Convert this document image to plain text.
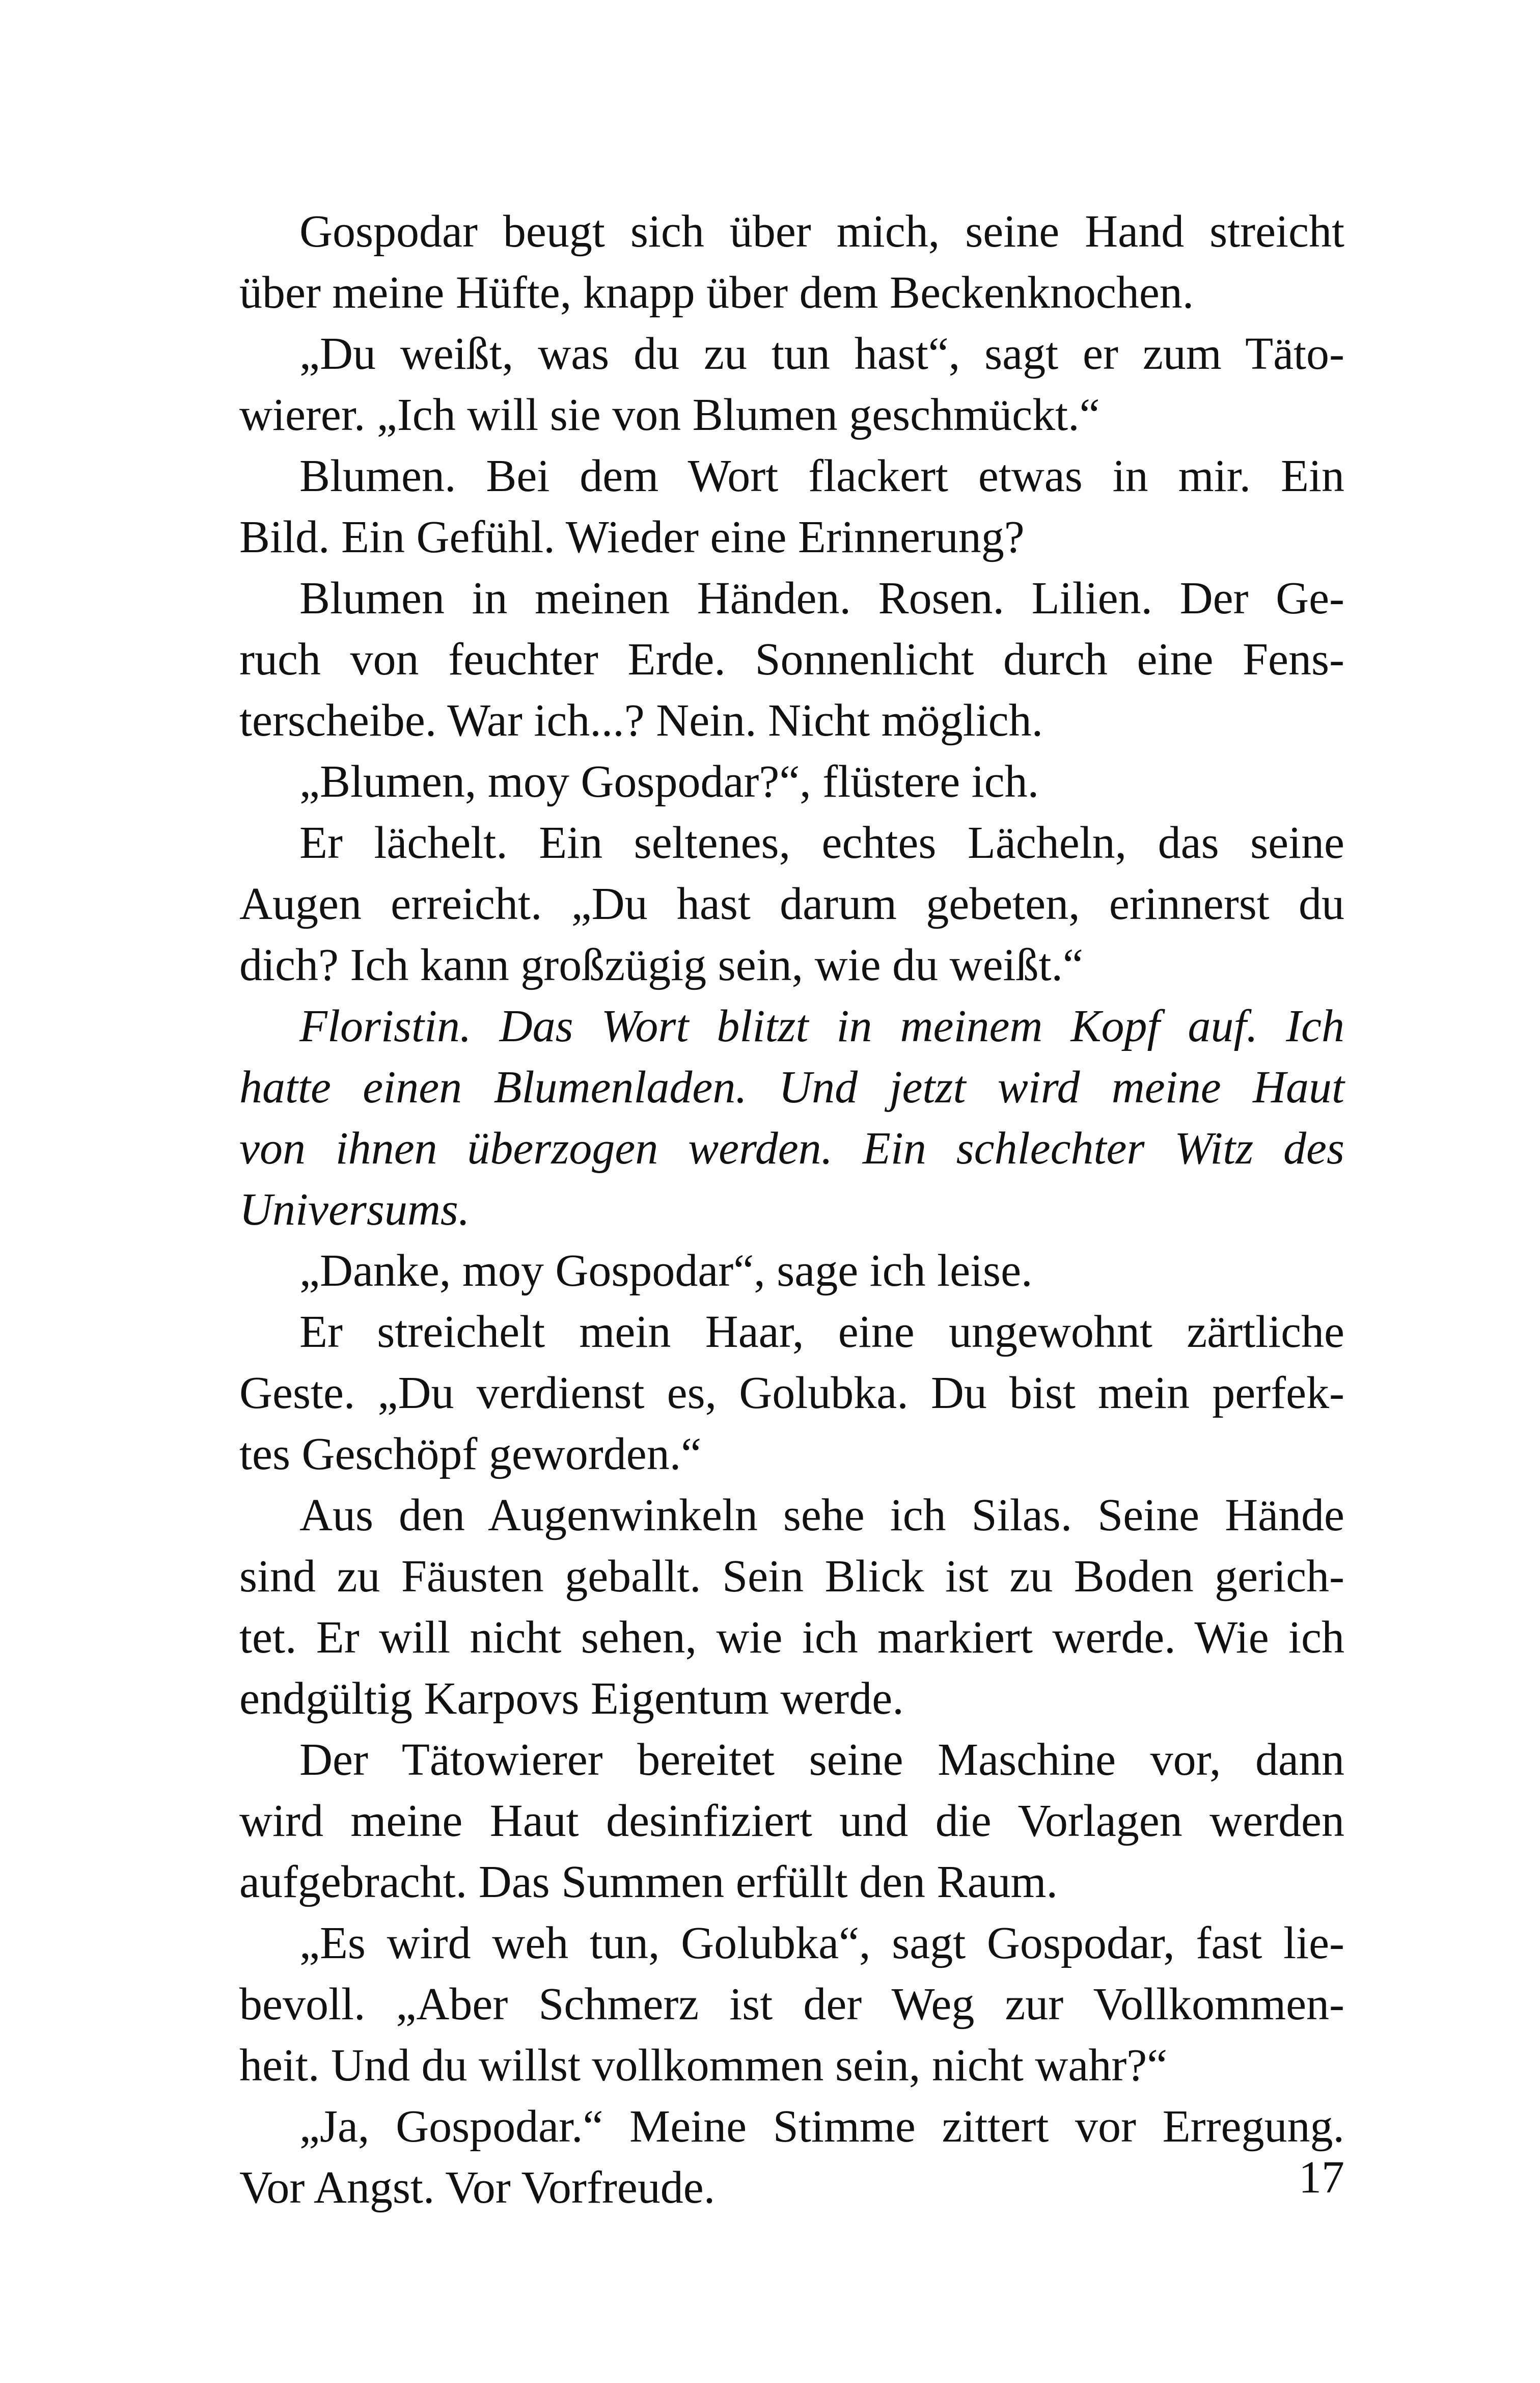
Gospodar beugt sich über mich, seine Hand streicht
über meine Hüfte, knapp über dem Beckenknochen.
„Du weißt, was du zu tun hast“, sagt er zum Täto-
wierer. „Ich will sie von Blumen geschmückt.“
Blumen. Bei dem Wort flackert etwas in mir. Ein
Bild. Ein Gefühl. Wieder eine Erinnerung?
Blumen in meinen Händen. Rosen. Lilien. Der Ge-
ruch von feuchter Erde. Sonnenlicht durch eine Fens-
terscheibe. War ich...? Nein. Nicht möglich.
„Blumen, moy Gospodar?“, flüstere ich.
Er lächelt. Ein seltenes, echtes Lächeln, das seine
Augen erreicht. „Du hast darum gebeten, erinnerst du
dich? Ich kann großzügig sein, wie du weißt.“
Floristin. Das Wort blitzt in meinem Kopf auf. Ich
hatte einen Blumenladen. Und jetzt wird meine Haut
von ihnen überzogen werden. Ein schlechter Witz des
Universums.
„Danke, moy Gospodar“, sage ich leise.
Er streichelt mein Haar, eine ungewohnt zärtliche
Geste. „Du verdienst es, Golubka. Du bist mein perfek-
tes Geschöpf geworden.“
Aus den Augenwinkeln sehe ich Silas. Seine Hände
sind zu Fäusten geballt. Sein Blick ist zu Boden gerich-
tet. Er will nicht sehen, wie ich markiert werde. Wie ich
endgültig Karpovs Eigentum werde.
Der Tätowierer bereitet seine Maschine vor, dann
wird meine Haut desinfiziert und die Vorlagen werden
aufgebracht. Das Summen erfüllt den Raum.
„Es wird weh tun, Golubka“, sagt Gospodar, fast lie-
bevoll. „Aber Schmerz ist der Weg zur Vollkommen-
heit. Und du willst vollkommen sein, nicht wahr?“
„Ja, Gospodar.“ Meine Stimme zittert vor Erregung.
Vor Angst. Vor Vorfreude.	17
